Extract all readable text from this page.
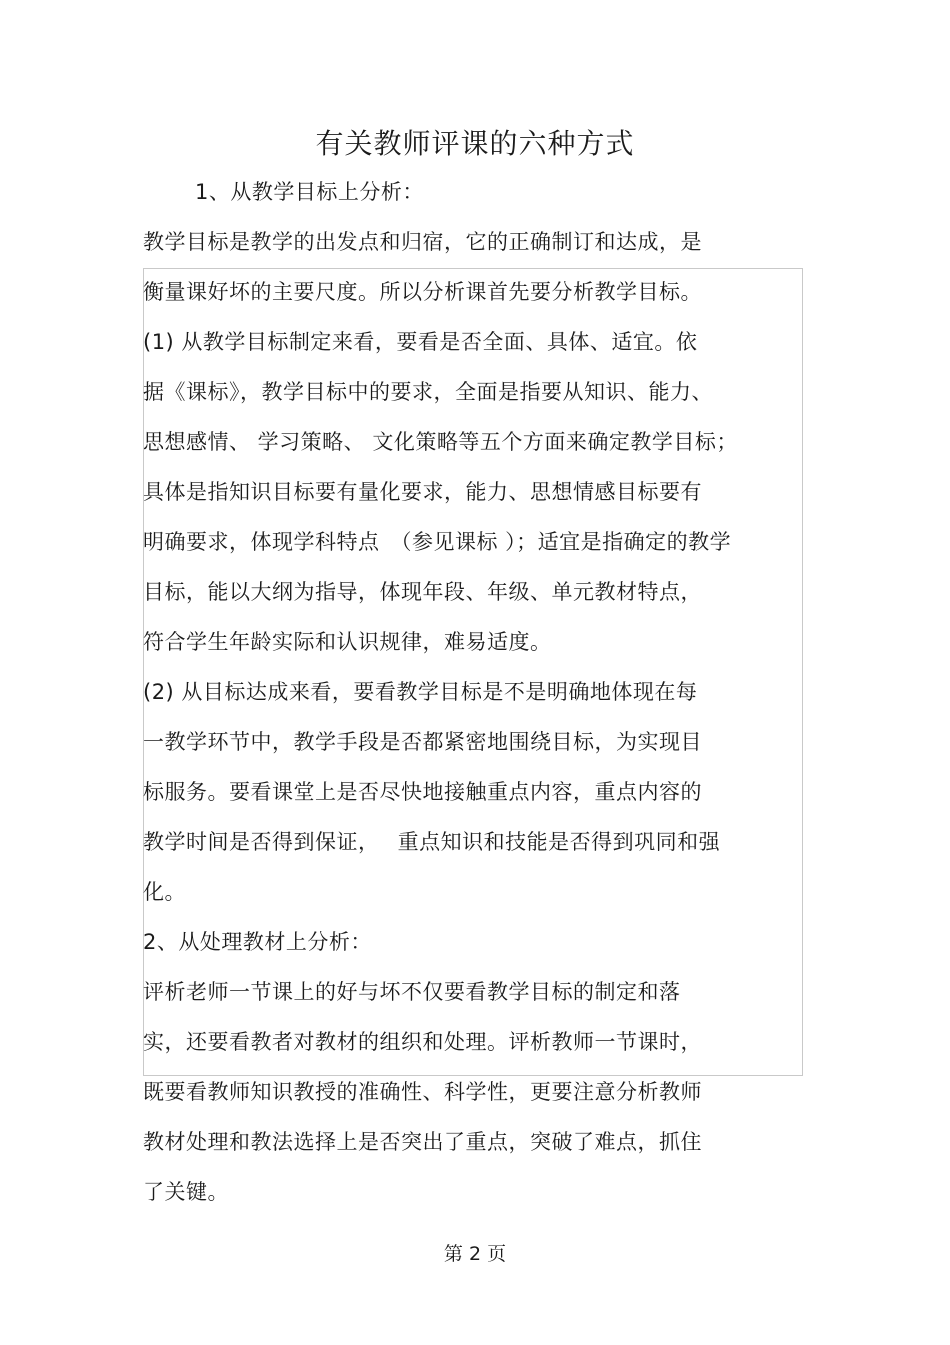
有关教师评课的六种方式
1、从教学目标上分析：
教学目标是教学的出发点和归宿，它的正确制订和达成，是
衡量课好坏的主要尺度。所以分析课首先要分析教学目标。
(1) 从教学目标制定来看，要看是否全面、具体、适宜。依
据《课标》，教学目标中的要求，全面是指要从知识、能力、
思想感情、 学习策略、 文化策略等五个方面来确定教学目标；
具体是指知识目标要有量化要求，能力、思想情感目标要有
明确要求，体现学科特点　（参见课标 ）；适宜是指确定的教学
目标，能以大纲为指导，体现年段、年级、单元教材特点，
符合学生年龄实际和认识规律，难易适度。
(2) 从目标达成来看，要看教学目标是不是明确地体现在每
一教学环节中，教学手段是否都紧密地围绕目标，为实现目
标服务。要看课堂上是否尽快地接触重点内容，重点内容的
教学时间是否得到保证，　 重点知识和技能是否得到巩同和强
化。
2、从处理教材上分析：
评析老师一节课上的好与坏不仅要看教学目标的制定和落
实，还要看教者对教材的组织和处理。评析教师一节课时，
既要看教师知识教授的准确性、科学性，更要注意分析教师
教材处理和教法选择上是否突出了重点，突破了难点，抓住
了关键。
第 2 页
